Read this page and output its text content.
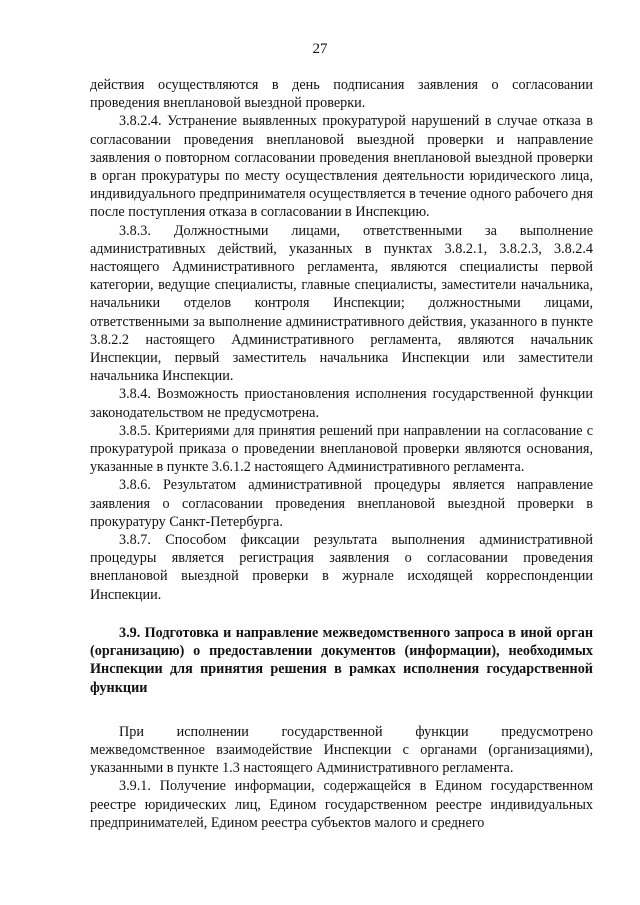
27

действия осуществляются в день подписания заявления о согласовании проведения внеплановой выездной проверки.

3.8.2.4. Устранение выявленных прокуратурой нарушений в случае отказа в согласовании проведения внеплановой выездной проверки и направление заявления о повторном согласовании проведения внеплановой выездной проверки в орган прокуратуры по месту осуществления деятельности юридического лица, индивидуального предпринимателя осуществляется в течение одного рабочего дня после поступления отказа в согласовании в Инспекцию.

3.8.3. Должностными лицами, ответственными за выполнение административных действий, указанных в пунктах 3.8.2.1, 3.8.2.3, 3.8.2.4 настоящего Административного регламента, являются специалисты первой категории, ведущие специалисты, главные специалисты, заместители начальника, начальники отделов контроля Инспекции; должностными лицами, ответственными за выполнение административного действия, указанного в пункте 3.8.2.2 настоящего Административного регламента, являются начальник Инспекции, первый заместитель начальника Инспекции или заместители начальника Инспекции.

3.8.4. Возможность приостановления исполнения государственной функции законодательством не предусмотрена.

3.8.5. Критериями для принятия решений при направлении на согласование с прокуратурой приказа о проведении внеплановой проверки являются основания, указанные в пункте 3.6.1.2 настоящего Административного регламента.

3.8.6. Результатом административной процедуры является направление заявления о согласовании проведения внеплановой выездной проверки в прокуратуру Санкт-Петербурга.

3.8.7. Способом фиксации результата выполнения административной процедуры является регистрация заявления о согласовании проведения внеплановой выездной проверки в журнале исходящей корреспонденции Инспекции.

3.9. Подготовка и направление межведомственного запроса в иной орган (организацию) о предоставлении документов (информации), необходимых Инспекции для принятия решения в рамках исполнения государственной функции

При исполнении государственной функции предусмотрено межведомственное взаимодействие Инспекции с органами (организациями), указанными в пункте 1.3 настоящего Административного регламента.

3.9.1. Получение информации, содержащейся в Едином государственном реестре юридических лиц, Едином государственном реестре индивидуальных предпринимателей, Едином реестра субъектов малого и среднего
